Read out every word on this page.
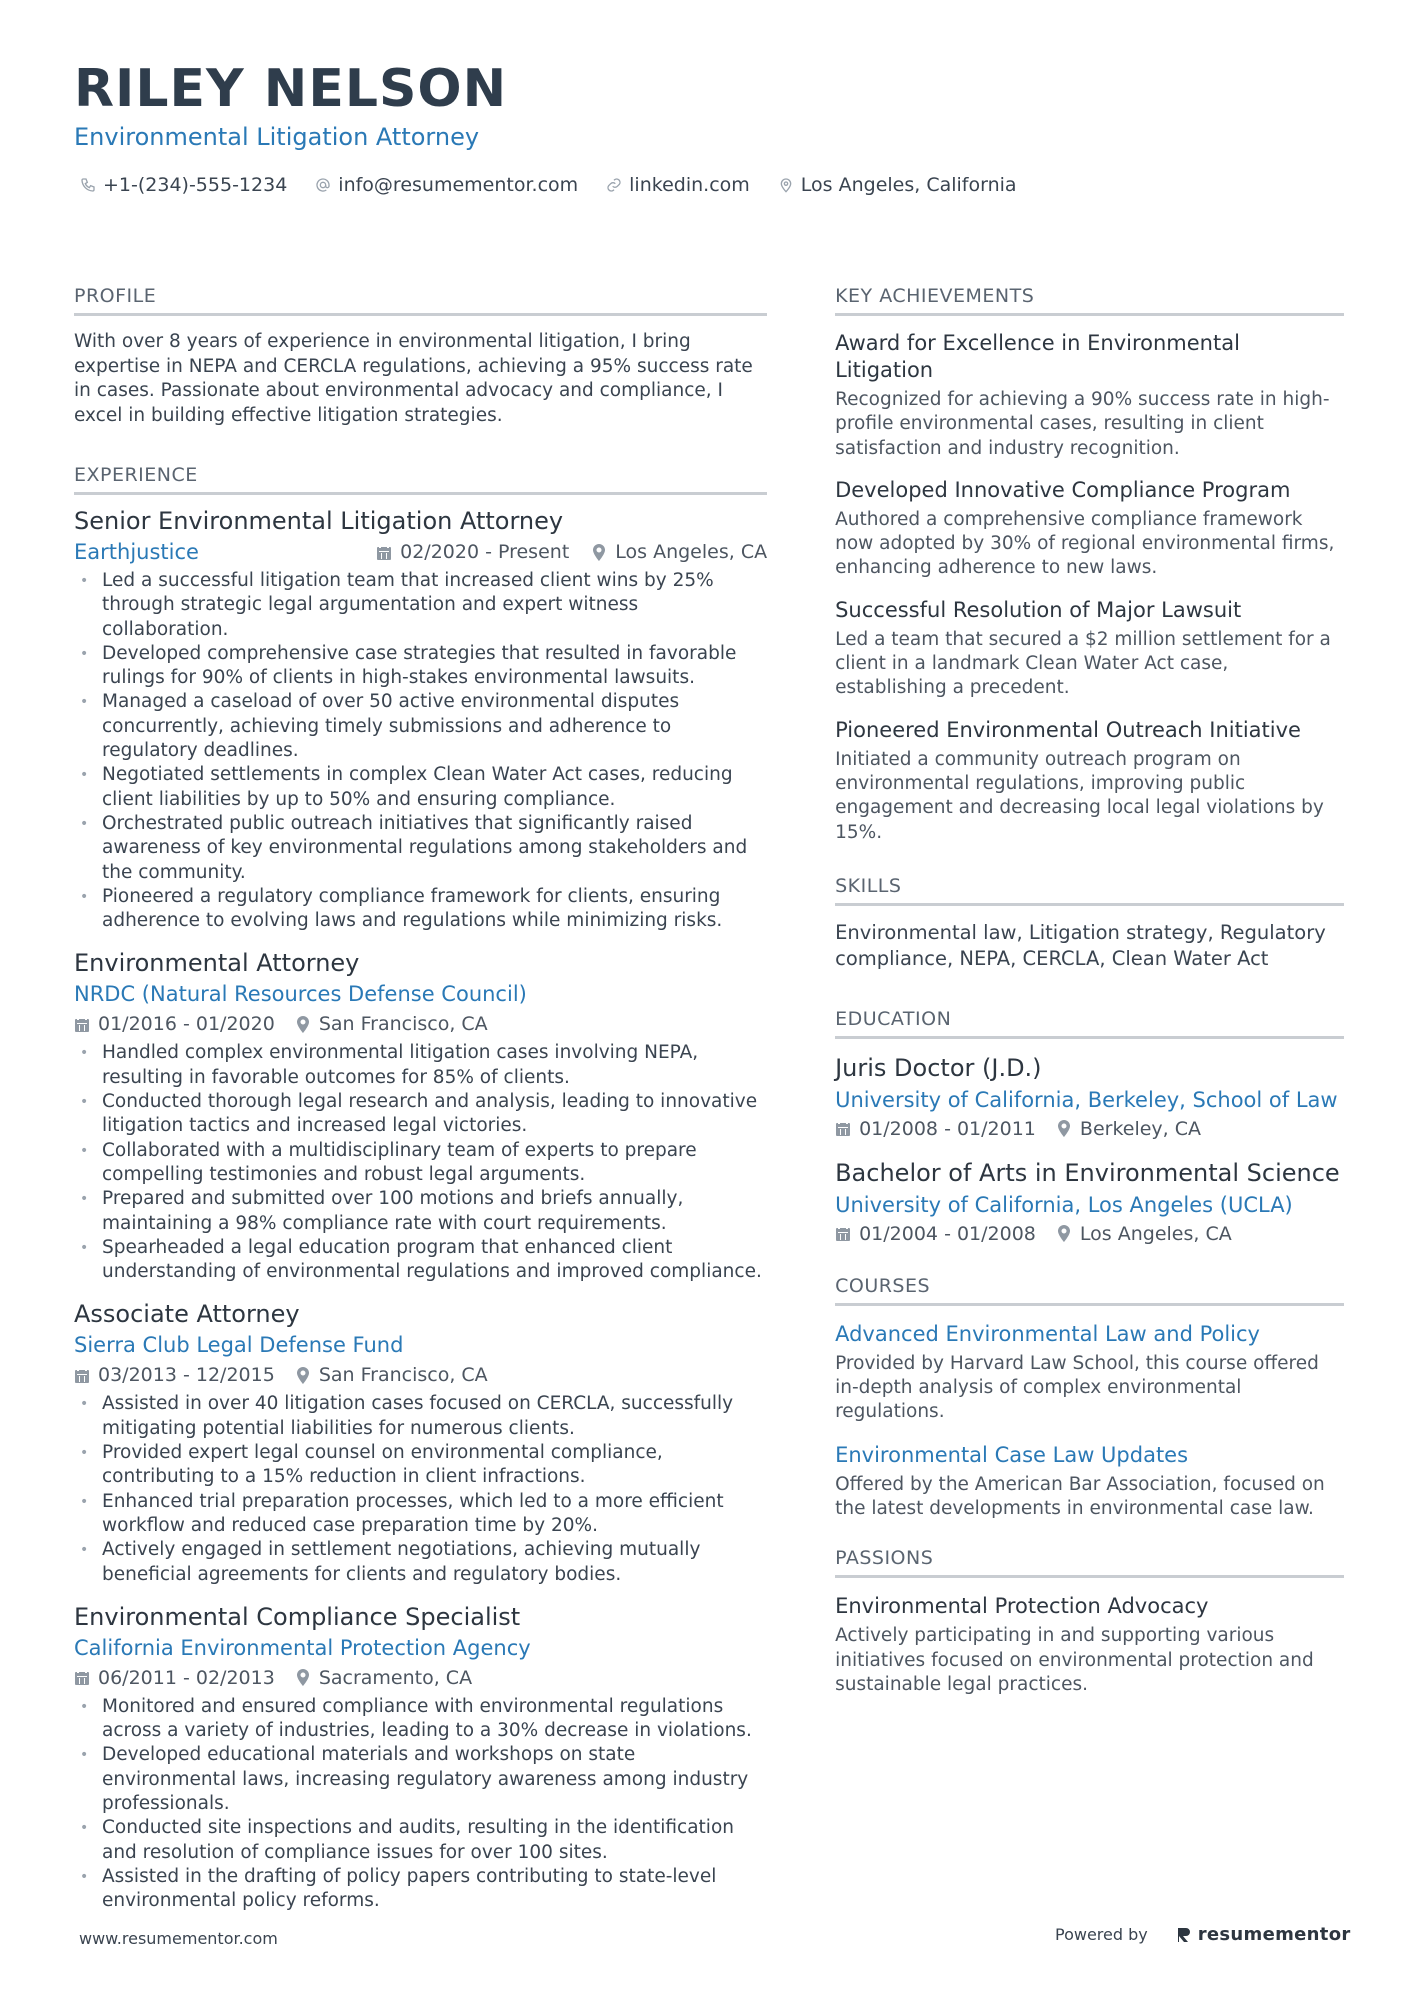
RILEY NELSON
Environmental Litigation Attorney
+1-(234)-555-1234	info@resumementor.com	linkedin.com	Los Angeles, California
PROFILE
With over 8 years of experience in environmental litigation, I bring expertise in NEPA and CERCLA regulations, achieving a 95% success rate in cases. Passionate about environmental advocacy and compliance, I excel in building effective litigation strategies.
EXPERIENCE
Senior Environmental Litigation Attorney
Earthjustice	02/2020 - Present Los Angeles, CA
• Led a successful litigation team that increased client wins by 25% through strategic legal argumentation and expert witness collaboration.
• Developed comprehensive case strategies that resulted in favorable rulings for 90% of clients in high-stakes environmental lawsuits.
• Managed a caseload of over 50 active environmental disputes concurrently, achieving timely submissions and adherence to regulatory deadlines.
• Negotiated settlements in complex Clean Water Act cases, reducing client liabilities by up to 50% and ensuring compliance.
• Orchestrated public outreach initiatives that significantly raised awareness of key environmental regulations among stakeholders and the community.
• Pioneered a regulatory compliance framework for clients, ensuring adherence to evolving laws and regulations while minimizing risks.
Environmental Attorney
NRDC (Natural Resources Defense Council)
01/2016 - 01/2020 San Francisco, CA
• Handled complex environmental litigation cases involving NEPA, resulting in favorable outcomes for 85% of clients.
• Conducted thorough legal research and analysis, leading to innovative litigation tactics and increased legal victories.
• Collaborated with a multidisciplinary team of experts to prepare compelling testimonies and robust legal arguments.
• Prepared and submitted over 100 motions and briefs annually, maintaining a 98% compliance rate with court requirements.
• Spearheaded a legal education program that enhanced client understanding of environmental regulations and improved compliance.
Associate Attorney
Sierra Club Legal Defense Fund
03/2013 - 12/2015 San Francisco, CA
• Assisted in over 40 litigation cases focused on CERCLA, successfully mitigating potential liabilities for numerous clients.
• Provided expert legal counsel on environmental compliance, contributing to a 15% reduction in client infractions.
• Enhanced trial preparation processes, which led to a more efficient workflow and reduced case preparation time by 20%.
• Actively engaged in settlement negotiations, achieving mutually beneficial agreements for clients and regulatory bodies.
Environmental Compliance Specialist
California Environmental Protection Agency
06/2011 - 02/2013 Sacramento, CA
• Monitored and ensured compliance with environmental regulations across a variety of industries, leading to a 30% decrease in violations.
• Developed educational materials and workshops on state environmental laws, increasing regulatory awareness among industry professionals.
• Conducted site inspections and audits, resulting in the identification and resolution of compliance issues for over 100 sites.
• Assisted in the drafting of policy papers contributing to state-level environmental policy reforms.
KEY ACHIEVEMENTS
Award for Excellence in Environmental Litigation
Recognized for achieving a 90% success rate in high-profile environmental cases, resulting in client satisfaction and industry recognition.
Developed Innovative Compliance Program
Authored a comprehensive compliance framework now adopted by 30% of regional environmental firms, enhancing adherence to new laws.
Successful Resolution of Major Lawsuit
Led a team that secured a $2 million settlement for a client in a landmark Clean Water Act case, establishing a precedent.
Pioneered Environmental Outreach Initiative
Initiated a community outreach program on environmental regulations, improving public engagement and decreasing local legal violations by 15%.
SKILLS
Environmental law, Litigation strategy, Regulatory compliance, NEPA, CERCLA, Clean Water Act
EDUCATION
Juris Doctor (J.D.)
University of California, Berkeley, School of Law
01/2008 - 01/2011 Berkeley, CA
Bachelor of Arts in Environmental Science
University of California, Los Angeles (UCLA)
01/2004 - 01/2008 Los Angeles, CA
COURSES
Advanced Environmental Law and Policy
Provided by Harvard Law School, this course offered in-depth analysis of complex environmental regulations.
Environmental Case Law Updates
Offered by the American Bar Association, focused on the latest developments in environmental case law.
PASSIONS
Environmental Protection Advocacy
Actively participating in and supporting various initiatives focused on environmental protection and sustainable legal practices.
www.resumementor.com	Powered by	resumementor
